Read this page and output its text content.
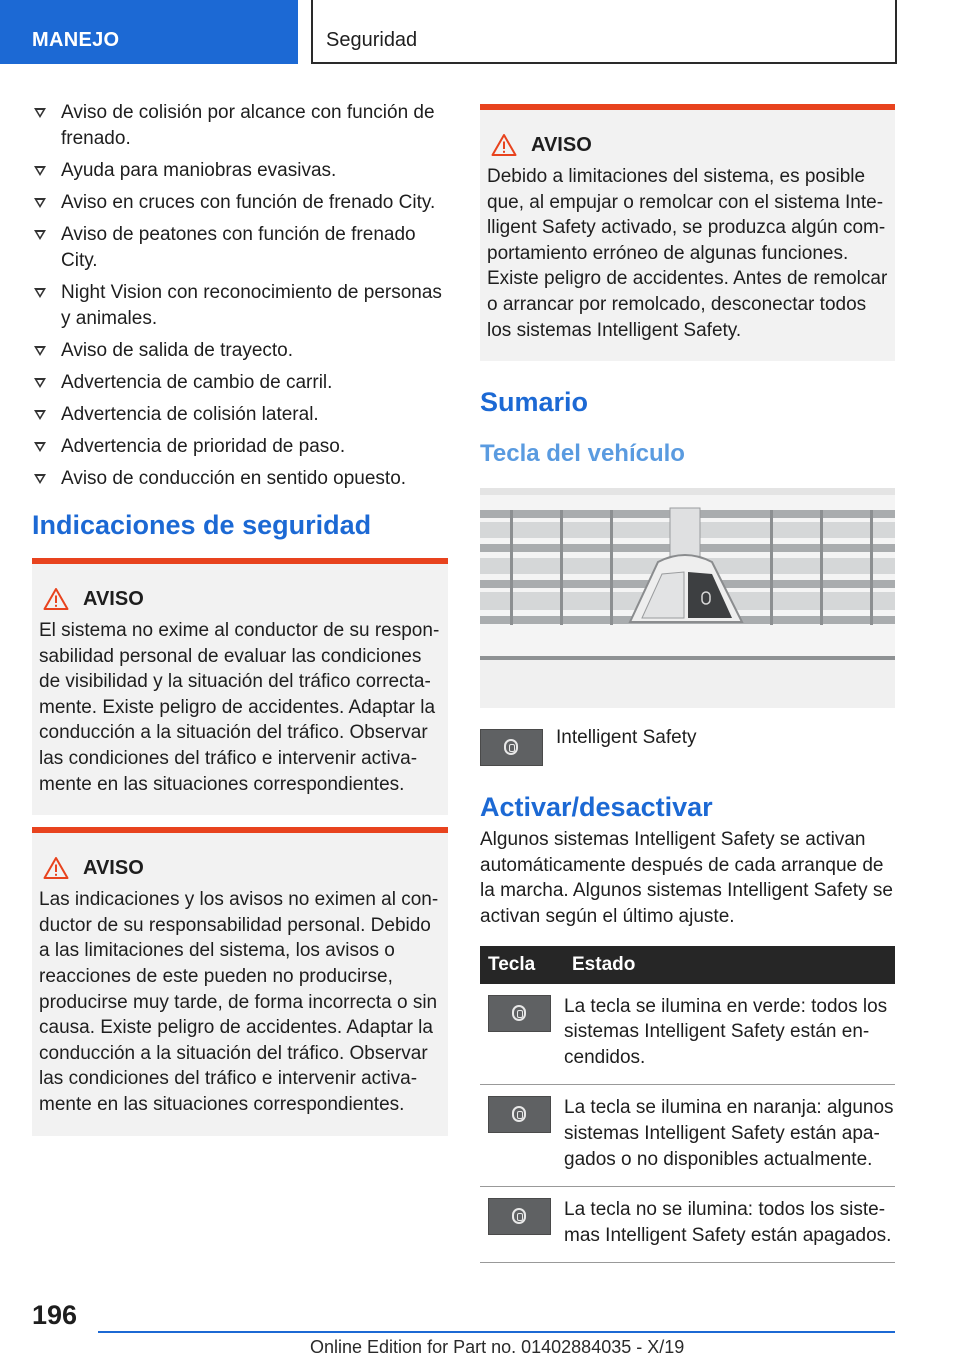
MANEJO	Seguridad
Aviso de colisión por alcance con función de frenado.
Ayuda para maniobras evasivas.
Aviso en cruces con función de frenado City.
Aviso de peatones con función de frenado City.
Night Vision con reconocimiento de personas y animales.
Aviso de salida de trayecto.
Advertencia de cambio de carril.
Advertencia de colisión lateral.
Advertencia de prioridad de paso.
Aviso de conducción en sentido opuesto.
Indicaciones de seguridad
AVISO

El sistema no exime al conductor de su responsabilidad personal de evaluar las condiciones de visibilidad y la situación del tráfico correctamente. Existe peligro de accidentes. Adaptar la conducción a la situación del tráfico. Observar las condiciones del tráfico e intervenir activamente en las situaciones correspondientes.

AVISO

Las indicaciones y los avisos no eximen al conductor de su responsabilidad personal. Debido a las limitaciones del sistema, los avisos o reacciones de este pueden no producirse, producirse muy tarde, de forma incorrecta o sin causa. Existe peligro de accidentes. Adaptar la conducción a la situación del tráfico. Observar las condiciones del tráfico e intervenir activamente en las situaciones correspondientes.

AVISO

Debido a limitaciones del sistema, es posible que, al empujar o remolcar con el sistema Intelligent Safety activado, se produzca algún comportamiento erróneo de algunas funciones. Existe peligro de accidentes. Antes de remolcar o arrancar por remolcado, desconectar todos los sistemas Intelligent Safety.

Sumario
Tecla del vehículo
Intelligent Safety
Activar/desactivar

Algunos sistemas Intelligent Safety se activan automáticamente después de cada arranque de la marcha. Algunos sistemas Intelligent Safety se activan según el último ajuste.

Tecla	Estado

	La tecla se ilumina en verde: todos los sistemas Intelligent Safety están encendidos.

	La tecla se ilumina en naranja: algunos sistemas Intelligent Safety están apagados o no disponibles actualmente.

	La tecla no se ilumina: todos los sistemas Intelligent Safety están apagados.
196
Online Edition for Part no. 01402884035 - X/19
